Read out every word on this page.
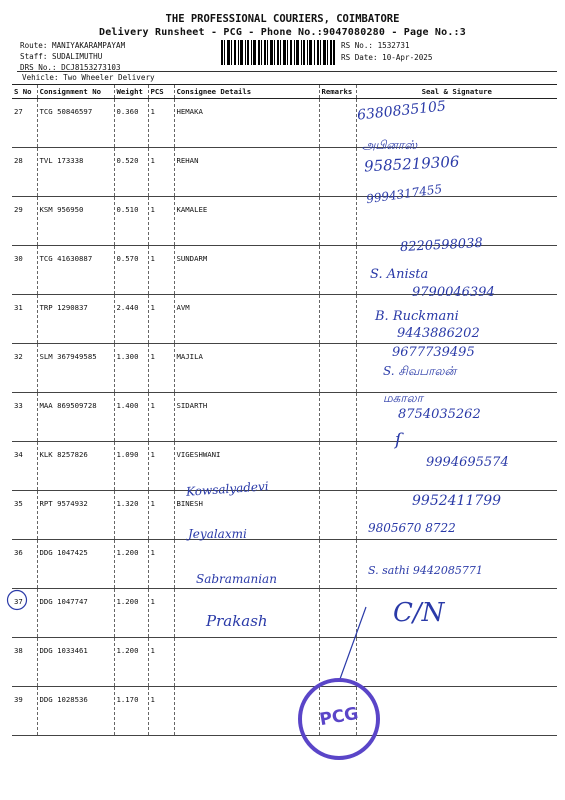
THE PROFESSIONAL COURIERS, COIMBATORE
Delivery Runsheet - PCG - Phone No.:9047080280 - Page No.:3
Route: MANIYAKARAMPAYAM
Staff: SUDALIMUTHU
DRS No.: DCJ8153273103
RS No.: 1532731
RS Date: 10-Apr-2025
Vehicle: Two Wheeler Delivery
S No	Consignment No	Weight	PCS	Consignee Details	Remarks	Seal & Signature
27	TCG 50846597	0.360	1	HEMAKA		
28	TVL 173338	0.520	1	REHAN		
29	KSM 956950	0.510	1	KAMALEE		
30	TCG 41630887	0.570	1	SUNDARM		
31	TRP 1290837	2.440	1	AVM		
32	SLM 367949585	1.300	1	MAJILA		
33	MAA 869509728	1.400	1	SIDARTH		
34	KLK 8257826	1.090	1	VIGESHWANI		
35	RPT 9574932	1.320	1	BINESH		
36	DDG 1047425	1.200	1			
37	DDG 1047747	1.200	1			
38	DDG 1033461	1.200	1			
39	DDG 1028536	1.170	1			
6380835105
அபினாஸ்
9585219306
9994317455
8220598038
S. Anista
9790046394
B. Ruckmani
9443886202
9677739495
S. சிவபாலன்
மகாலா
8754035262
ſ
9994695574
9952411799
9805670 8722
S. sathi 9442085771
C/N
Kowsalyadevi
Jeyalaxmi
Sabramanian
Prakash
PCG
